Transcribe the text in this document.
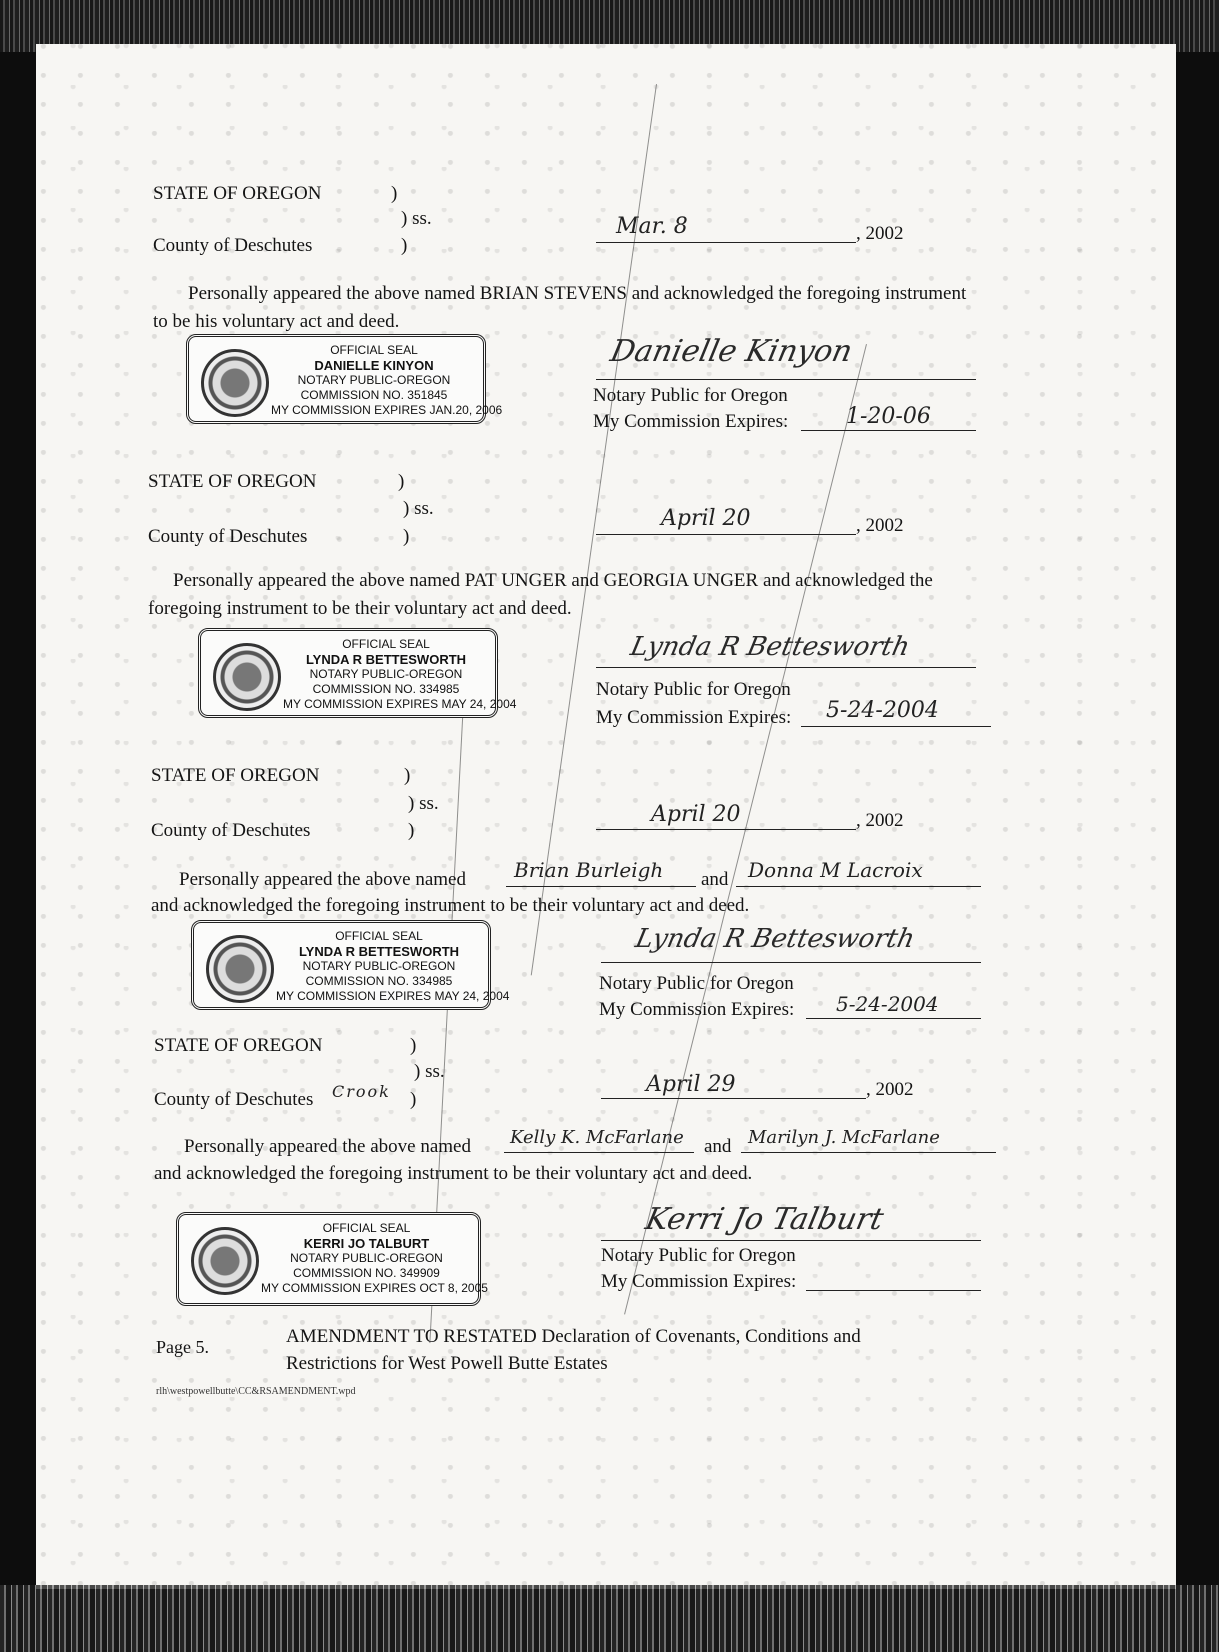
STATE OF OREGON	)
) ss.
County of Deschutes	)
Mar. 8	, 2002
Personally appeared the above named BRIAN STEVENS and acknowledged the foregoing instrument to be his voluntary act and deed.
OFFICIAL SEAL
DANIELLE KINYON
NOTARY PUBLIC-OREGON
COMMISSION NO. 351845
MY COMMISSION EXPIRES JAN.20, 2006
Danielle Kinyon
Notary Public for Oregon
My Commission Expires:	1-20-06
STATE OF OREGON	)
) ss.
County of Deschutes	)
April 20	, 2002
Personally appeared the above named PAT UNGER and GEORGIA UNGER and acknowledged the foregoing instrument to be their voluntary act and deed.
OFFICIAL SEAL
LYNDA R BETTESWORTH
NOTARY PUBLIC-OREGON
COMMISSION NO. 334985
MY COMMISSION EXPIRES MAY 24, 2004
Lynda R Bettesworth
Notary Public for Oregon
My Commission Expires: 5-24-2004
STATE OF OREGON	)
) ss.
County of Deschutes	)
April 20	, 2002
Personally appeared the above named Brian Burleigh and Donna M Lacroix
and acknowledged the foregoing instrument to be their voluntary act and deed.
OFFICIAL SEAL
LYNDA R BETTESWORTH
NOTARY PUBLIC-OREGON
COMMISSION NO. 334985
MY COMMISSION EXPIRES MAY 24, 2004
Lynda R Bettesworth
Notary Public for Oregon
My Commission Expires: 5-24-2004
STATE OF OREGON	)
) ss.
County of Deschutes Crook )
April 29	, 2002
Personally appeared the above named Kelly K. McFarlane and Marilyn J. McFarlane
and acknowledged the foregoing instrument to be their voluntary act and deed.
OFFICIAL SEAL
KERRI JO TALBURT
NOTARY PUBLIC-OREGON
COMMISSION NO. 349909
MY COMMISSION EXPIRES OCT 8, 2005
Kerri Jo Talburt
Notary Public for Oregon
My Commission Expires:
Page 5.	AMENDMENT TO RESTATED Declaration of Covenants, Conditions and
Restrictions for West Powell Butte Estates
rlh\westpowellbutte\CC&RSAMENDMENT.wpd
